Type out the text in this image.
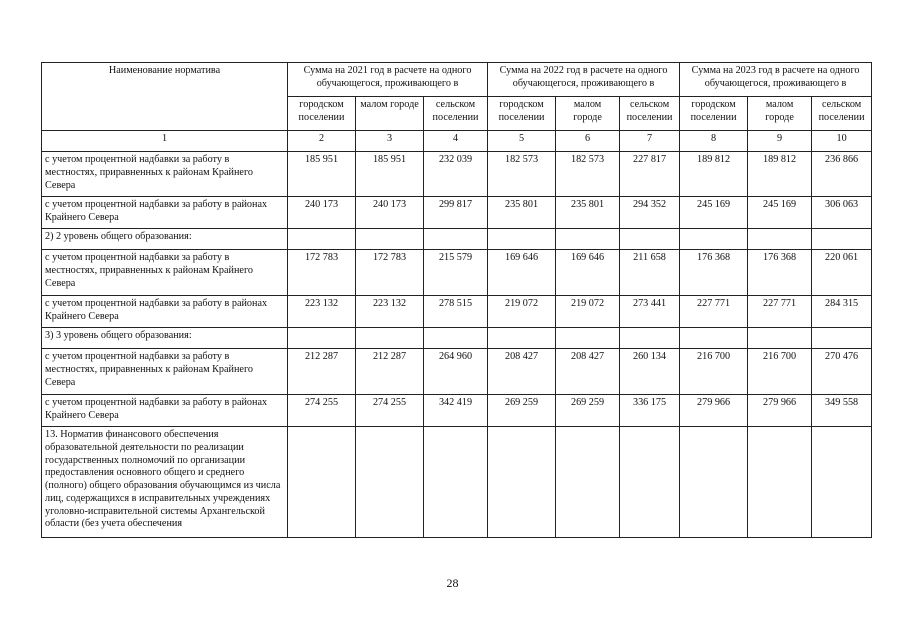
Наименование норматива	Сумма на 2021 год в расчете на одного обучающегося, проживающего в			Сумма на 2022 год в расчете на одного обучающегося, проживающего в			Сумма на 2023 год в расчете на одного обучающегося, проживающего в		
	городском поселении	малом городе	сельском поселении	городском поселении	малом городе	сельском поселении	городском поселении	малом городе	сельском поселении
1	2	3	4	5	6	7	8	9	10
с учетом процентной надбавки за работу в местностях, приравненных к районам Крайнего Севера	185 951	185 951	232 039	182 573	182 573	227 817	189 812	189 812	236 866
с учетом процентной надбавки за работу в районах Крайнего Севера	240 173	240 173	299 817	235 801	235 801	294 352	245 169	245 169	306 063
2) 2 уровень общего образования:									
с учетом процентной надбавки за работу в местностях, приравненных к районам Крайнего Севера	172 783	172 783	215 579	169 646	169 646	211 658	176 368	176 368	220 061
с учетом процентной надбавки за работу в районах Крайнего Севера	223 132	223 132	278 515	219 072	219 072	273 441	227 771	227 771	284 315
3) 3 уровень общего образования:									
с учетом процентной надбавки за работу в местностях, приравненных к районам Крайнего Севера	212 287	212 287	264 960	208 427	208 427	260 134	216 700	216 700	270 476
с учетом процентной надбавки за работу в районах Крайнего Севера	274 255	274 255	342 419	269 259	269 259	336 175	279 966	279 966	349 558

13. Норматив финансового обеспечения образовательной деятельности по реализации государственных полномочий по организации предоставления основного общего и среднего (полного) общего образования обучающимся из числа лиц, содержащихся в исправительных учреждениях уголовно-исправительной системы Архангельской области (без учета обеспечения									

28
